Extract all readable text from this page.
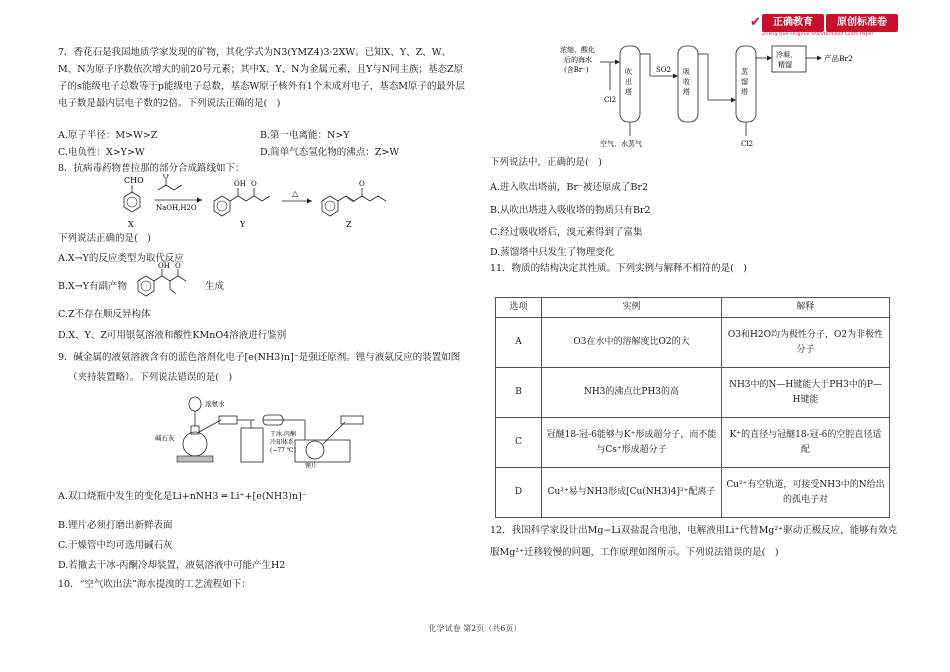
✔	正确教育	原创标准卷
Zheng Que Original Standardized Exam Paper
7．香花石是我国地质学家发现的矿物，其化学式为N3(YMZ4)3·2XW。已知X、Y、Z、W、M、N为原子序数依次增大的前20号元素；其中X、Y、N为金属元素，且Y与N同主族；基态Z原子的s能级电子总数等于p能级电子总数，基态W原子核外有1个未成对电子，基态M原子的最外层电子数是最内层电子数的2倍。下列说法正确的是(　)
A.原子半径：M>W>Z	B.第一电离能：N>Y
C.电负性：X>Y>W	D.简单气态氢化物的沸点：Z>W
8．抗病毒药物普拉那的部分合成路线如下：
CHO
X
O
NaOH,H2O
OH O
Y
△
O
Z
下列说法正确的是(　)
A.X→Y的反应类型为取代反应
B.X→Y有副产物
OH O
生成
C.Z不存在顺反异构体
D.X、Y、Z可用银氨溶液和酸性KMnO4溶液进行鉴别
9．碱金属的液氨溶液含有的蓝色溶剂化电子[e(NH3)n]⁻是强还原剂。锂与液氨反应的装置如图
（夹持装置略）。下列说法错误的是(　)
浓氨水
碱石灰	干冰-丙酮
冷却体系
(−77 ℃)
锂片
A.双口烧瓶中发生的变化是Li+nNH3 ═ Li⁺+[e(NH3)n]⁻
B.锂片必须打磨出新鲜表面
C.干燥管中均可选用碱石灰
D.若撤去干冰-丙酮冷却装置，液氨溶液中可能产生H2
10．“空气吹出法”海水提溴的工艺流程如下：
浓缩、酸化
后的海水
(含Br⁻)
Cl2
吹
出
塔
空气、水蒸气
SO2 吸
收
塔
蒸
馏
塔
Cl2
冷凝、
精馏
产品Br2
下列说法中，正确的是(　)
A.进入吹出塔前，Br⁻被还原成了Br2
B.从吹出塔进入吸收塔的物质只有Br2
C.经过吸收塔后，溴元素得到了富集
D.蒸馏塔中只发生了物理变化
11．物质的结构决定其性质。下列实例与解释不相符的是(　)
选项	实例	解释
A	O3在水中的溶解度比O2的大	O3和H2O均为极性分子，O2为非极性分子
B	NH3的沸点比PH3的高	NH3中的N—H键能大于PH3中的P—H键能
C	冠醚18-冠-6能够与K⁺形成超分子，而不能与Cs⁺形成超分子	K⁺的直径与冠醚18-冠-6的空腔直径适配
D	Cu²⁺易与NH3形成[Cu(NH3)4]²⁺配离子	Cu²⁺有空轨道，可接受NH3中的N给出的孤电子对
12．我国科学家设计出Mg−Li双盐混合电池，电解液用Li⁺代替Mg²⁺驱动正极反应，能够有效克
服Mg²⁺迁移较慢的问题，工作原理如图所示。下列说法错误的是(　)
化学试卷 第2页（共6页）
